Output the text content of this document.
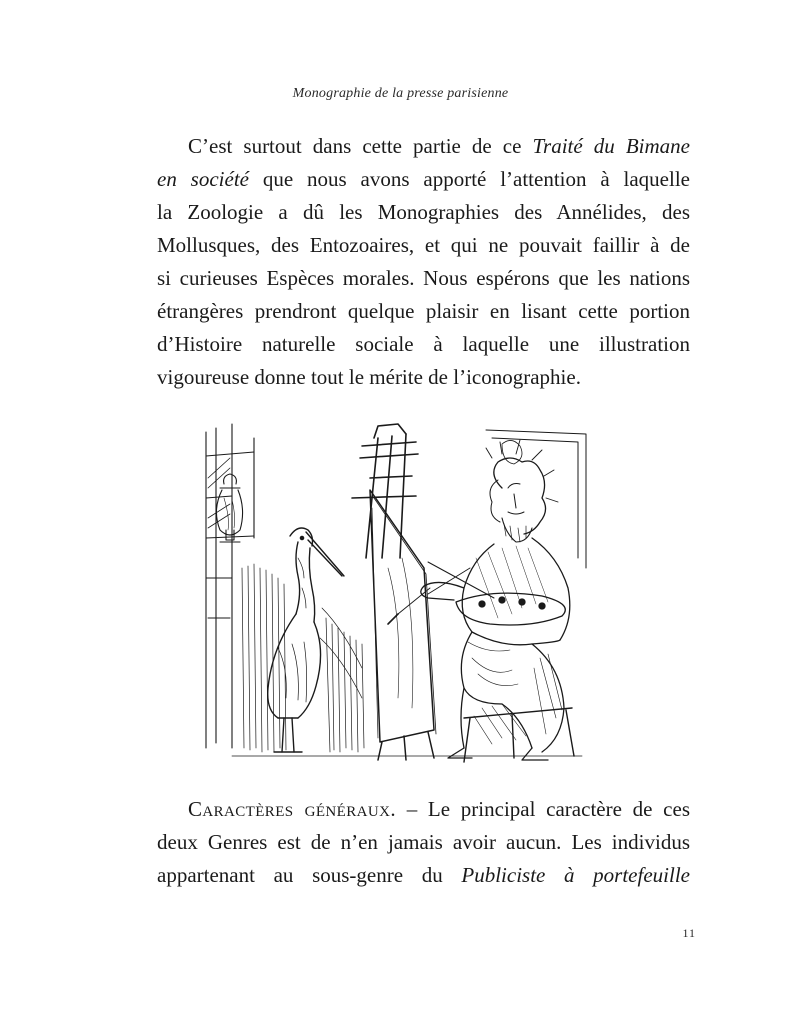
Monographie de la presse parisienne
C’est surtout dans cette partie de ce Traité du Bimane
en société que nous avons apporté l’attention à laquelle
la Zoologie a dû les Monographies des Annélides, des
Mollusques, des Entozoaires, et qui ne pouvait faillir à de
si curieuses Espèces morales. Nous espérons que les nations
étrangères prendront quelque plaisir en lisant cette portion
d’Histoire naturelle sociale à laquelle une illustration
vigoureuse donne tout le mérite de l’iconographie.
Caractères généraux. – Le principal caractère de ces
deux Genres est de n’en jamais avoir aucun. Les individus
appartenant au sous-genre du Publiciste à portefeuille
11
